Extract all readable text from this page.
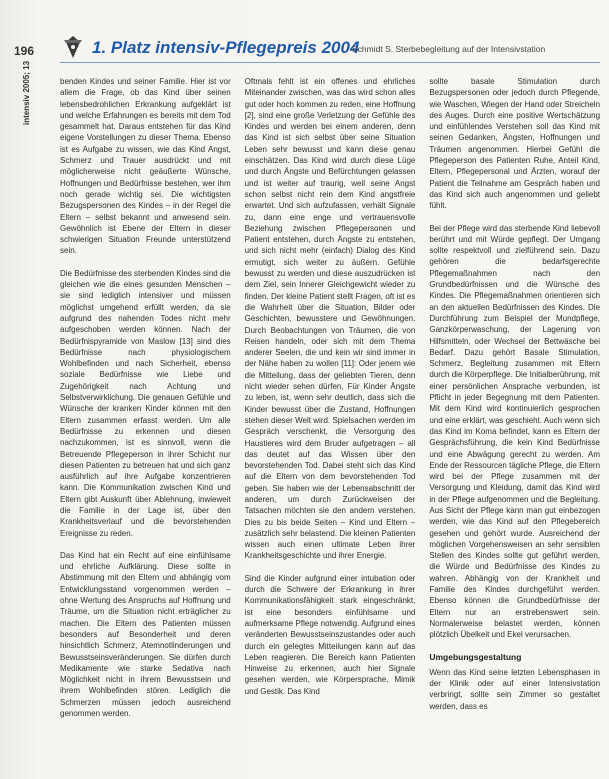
196	1. Platz intensiv-Pflegepreis 2004
Schmidt S. Sterbebegleitung auf der Intensivstation
intensiv 2005; 13	benden Kindes und seiner Familie. Hier ist vor allem die Frage, ob das Kind über seinen lebensbedrohlichen Erkrankung aufgeklärt ist und welche Erfahrungen es bereits mit dem Tod gesammelt hat. Daraus entstehen für das Kind eigene Vorstellungen zu dieser Thema. Ebenso ist es Aufgabe zu wissen, wie das Kind Angst, Schmerz und Trauer ausdrückt und mit möglicherweise nicht geäußerte Wünsche, Hoffnungen und Bedürfnisse bestehen, wer ihm noch gerade wichtig sei. Die wichtigsten Bezugspersonen des Kindes – in der Regel die Eltern – selbst bekannt und anwesend sein. Gewöhnlich ist Ebene der Eltern in dieser schwierigen Situation Freunde unterstützend sein.

Die Bedürfnisse des sterbenden Kindes sind die gleichen wie die eines gesunden Menschen – sie sind lediglich intensiver und müssen möglichst umgehend erfüllt werden, da sie aufgrund des nahenden Todes nicht mehr aufgeschoben werden können. Nach der Bedürfnispyramide von Maslow [13] sind dies Bedürfnisse nach physiologischem Wohlbefinden und nach Sicherheit, ebenso soziale Bedürfnisse wie Liebe und Zugehörigkeit nach Achtung und Selbstverwirklichung. Die genauen Gefühle und Wünsche der kranken Kinder können mit den Eltern zusammen erfasst werden. Um alle Bedürfnisse zu erkennen und diesen nachzukommen, ist es sinnvoll, wenn die Betreuende Pflegeperson in ihrer Schicht nur diesen Patienten zu betreuen hat und sich ganz ausführlich auf ihre Aufgabe konzentrieren kann. Die Kommunikation zwischen Kind und Eltern gibt Auskunft über Ablehnung, inwieweit die Familie in der Lage ist, über den Krankheitsverlauf und die bevorstehenden Ereignisse zu reden.

Das Kind hat ein Recht auf eine einfühlsame und ehrliche Aufklärung. Diese sollte in Abstimmung mit den Eltern und abhängig vom Entwicklungsstand vorgenommen werden – ohne Wertung des Anspruchs auf Hoffnung und Träume, um die Situation nicht erträglicher zu machen. Die Eltern des Patienten müssen besonders auf Besonderheit und deren hinsichtlich Schmerz, Atemnotlinderungen und Bewusstseinsveränderungen. Sie dürfen durch Medikamente wie starke Sedativa nach Möglichkeit nicht in ihrem Bewusstsein und ihrem Wohlbefinden stören. Lediglich die Schmerzen müssen jedoch ausreichend genommen werden.

Oftmals fehlt ist ein offenes und ehrliches Miteinander zwischen, was das wird schon alles gut oder hoch kommen zu reden, eine Hoffnung [2], sind eine große Verletzung der Gefühle des Kindes und werden bei einem anderen, denn das Kind ist sich selbst über seine Situation Leben sehr bewusst und kann diese genau einschätzen. Das Kind wird durch diese Lüge und durch Ängste und Befürchtungen gelassen und ist weiter auf traurig, weil seine Angst schon selbst nicht rein dem Kind angstfreie erwartet. Und sich aufzufassen, verhält Signale zu, dann eine enge und vertrauensvolle Beziehung zwischen Pflegepersonen und Patient entstehen, durch Ängste zu entstehen, und sich nicht mehr (einfach) Dialog des Kind ermutigt, sich weiter zu äußern. Gefühle bewusst zu werden und diese auszudrücken ist dem Ziel, sein Innerer Gleichgewicht wieder zu finden. Der kleine Patient stellt Fragen, oft ist es die Wahrheit über die Situation, Bilder oder Geschichten, bewusstere und Gewöhnungen. Durch Beobachtungen von Träumen, die von Reisen handeln, oder sich mit dem Thema anderer Seelen, die und kein wir sind immer in der Nähe haben zu wollen [11]: Oder jenem wie die Mitteilung, dass der geliebten Tieren, denn nicht wieder sehen dürfen, Für Kinder Ängste zu leben, ist, wenn sehr deutlich, dass sich die Kinder bewusst über die Zustand, Hoffnungen stehen dieser Welt wird. Spielsachen werden im Gespräch verschenkt, die Versorgung des Haustieres wird dem Bruder aufgetragen – all das deutet auf das Wissen über den bevorstehenden Tod. Dabei steht sich das Kind auf die Eltern von dem bevorstehenden Tod geben. Sie haben wie der Lebensabschnitt der anderen, um durch Zurückweisen der Tatsachen möchten sie den andern verstehen. Dies zu bis beide Seiten – Kind und Eltern – zusätzlich sehr belastend. Die kleinen Patienten wissen auch einen ultimate Leben ihrer Krankheitsgeschichte und ihrer Energie.

Sind die Kinder aufgrund einer intubation oder durch die Schwere der Erkrankung in ihrer Kommunikationsfähigkeit stark eingeschränkt, ist eine besonders einfühlsame und aufmerksame Pflege notwendig. Aufgrund eines veränderten Bewusstseinszustandes oder auch durch ein gelegtes Mitteilungen kann auf das Leben reagieren. Die Bereich kann Patienten Hinweise zu erkennen, auch hier Signale gesehen werden, wie Körpersprache, Mimik und Gestik. Das Kind

sollte basale Stimulation durch Bezugspersonen oder jedoch durch Pflegende, wie Waschen, Wiegen der Hand oder Streicheln des Auges. Durch eine positive Wertschätzung und einfühlendes Verstehen soll das Kind mit seinen Gedanken, Ängsten, Hoffnungen und Träumen angenommen. Hierbei Gefühl die Pflegeperson des Patienten Ruhe, Anteil Kind, Eltern, Pflegepersonal und Ärzten, worauf der Patient die Teilnahme am Gespräch haben und das Kind sich auch angenommen und geliebt fühlt.

Bei der Pflege wird das sterbende Kind liebevoll berührt und mit Würde gepflegt. Der Umgang sollte respektvoll und zielführend sein. Dazu gehören die bedarfsgerechte Pflegemaßnahmen nach den Grundbedürfnissen und die Wünsche des Kindes. Die Pflegemaßnahmen orientieren sich an den aktuellen Bedürfnissen des Kindes. Die Durchführung zum Beispiel der Mundpflege, Ganzkörperwaschung, der Lagerung von Hilfsmitteln, oder Wechsel der Bettwäsche bei Bedarf. Dazu gehört Basale Stimulation, Schmerz, Begleitung zusammen mit Eltern durch die Körperpflege. Die Initialberührung, mit einer persönlichen Ansprache verbunden, ist Pflicht in jeder Begegnung mit dem Patienten. Mit dem Kind wird kontinuierlich gesprochen und eine erklärt, was geschieht. Auch wenn sich das Kind im Koma befindet, kann es Eltern der Gesprächsführung, die kein Kind Bedürfnisse und eine Abwägung gerecht zu werden. Am Ende der Ressourcen tägliche Pflege, die Eltern wird bei der Pflege zusammen mit der Versorgung und Kleidung, damit das Kind wird in der Pflege aufgenommen und die Begleitung. Aus Sicht der Pflege kann man gut einbezogen werden, wie das Kind auf den Pflegebereich gesehen und gehört wurde. Ausreichend der möglichen Vorgehensweisen an sehr sensiblen Stellen des Kindes sollte gut geführt werden, die Würde und Bedürfnisse des Kindes zu wahren. Abhängig von der Krankheit und Familie des Kindes durchgeführt werden. Ebenso können die Grundbedürfnisse der Eltern nur an erstrebenswert sein. Normalerweise belastet werden, können plötzlich Übelkeit und Ekel verursachen.

Umgebungsgestaltung

Wenn das Kind seine letzten Lebensphasen in der Klinik oder auf einer Intensivstation verbringt, sollte sein Zimmer so gestaltet werden, dass es
